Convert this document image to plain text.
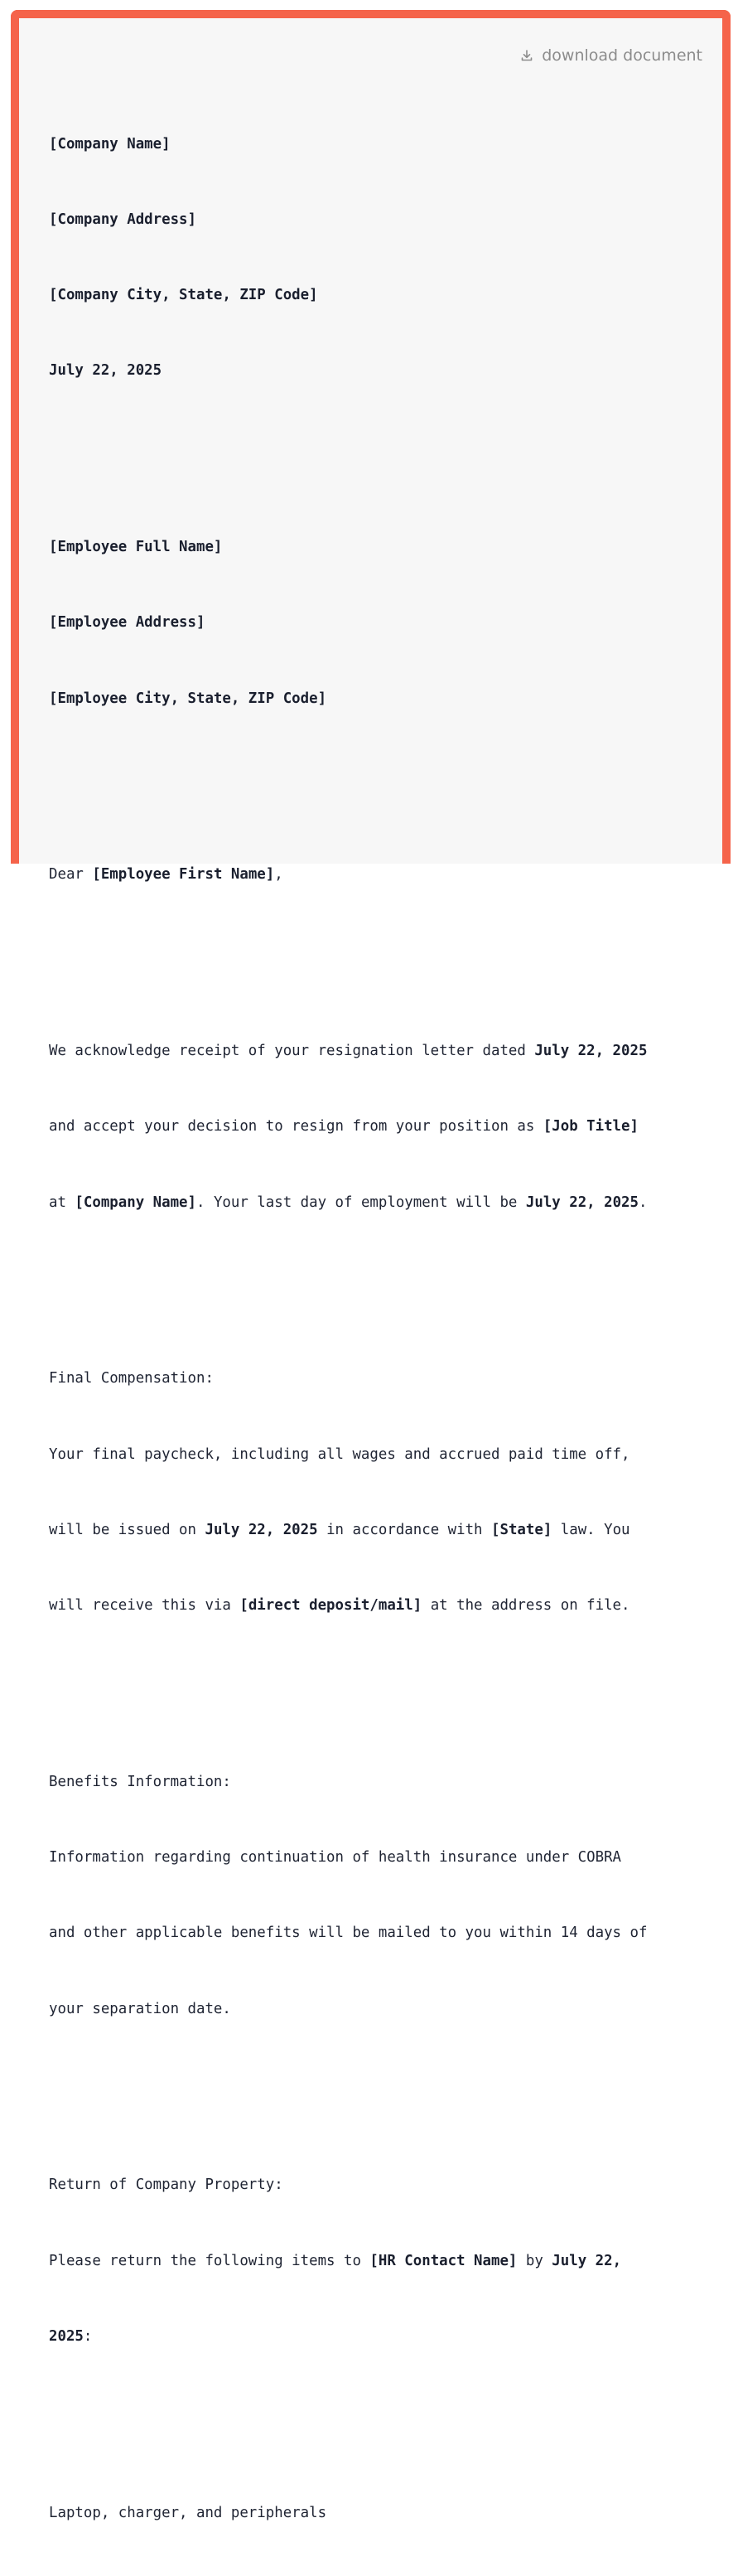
download document

[Company Name]

[Company Address]

[Company City, State, ZIP Code]

July 22, 2025

[Employee Full Name]

[Employee Address]

[Employee City, State, ZIP Code]

Dear [Employee First Name],

We acknowledge receipt of your resignation letter dated July 22, 2025

and accept your decision to resign from your position as [Job Title]

at [Company Name]. Your last day of employment will be July 22, 2025.

Final Compensation:

Your final paycheck, including all wages and accrued paid time off,

will be issued on July 22, 2025 in accordance with [State] law. You

will receive this via [direct deposit/mail] at the address on file.

Benefits Information:

Information regarding continuation of health insurance under COBRA

and other applicable benefits will be mailed to you within 14 days of

your separation date.

Return of Company Property:

Please return the following items to [HR Contact Name] by July 22,

2025:

Laptop, charger, and peripherals
